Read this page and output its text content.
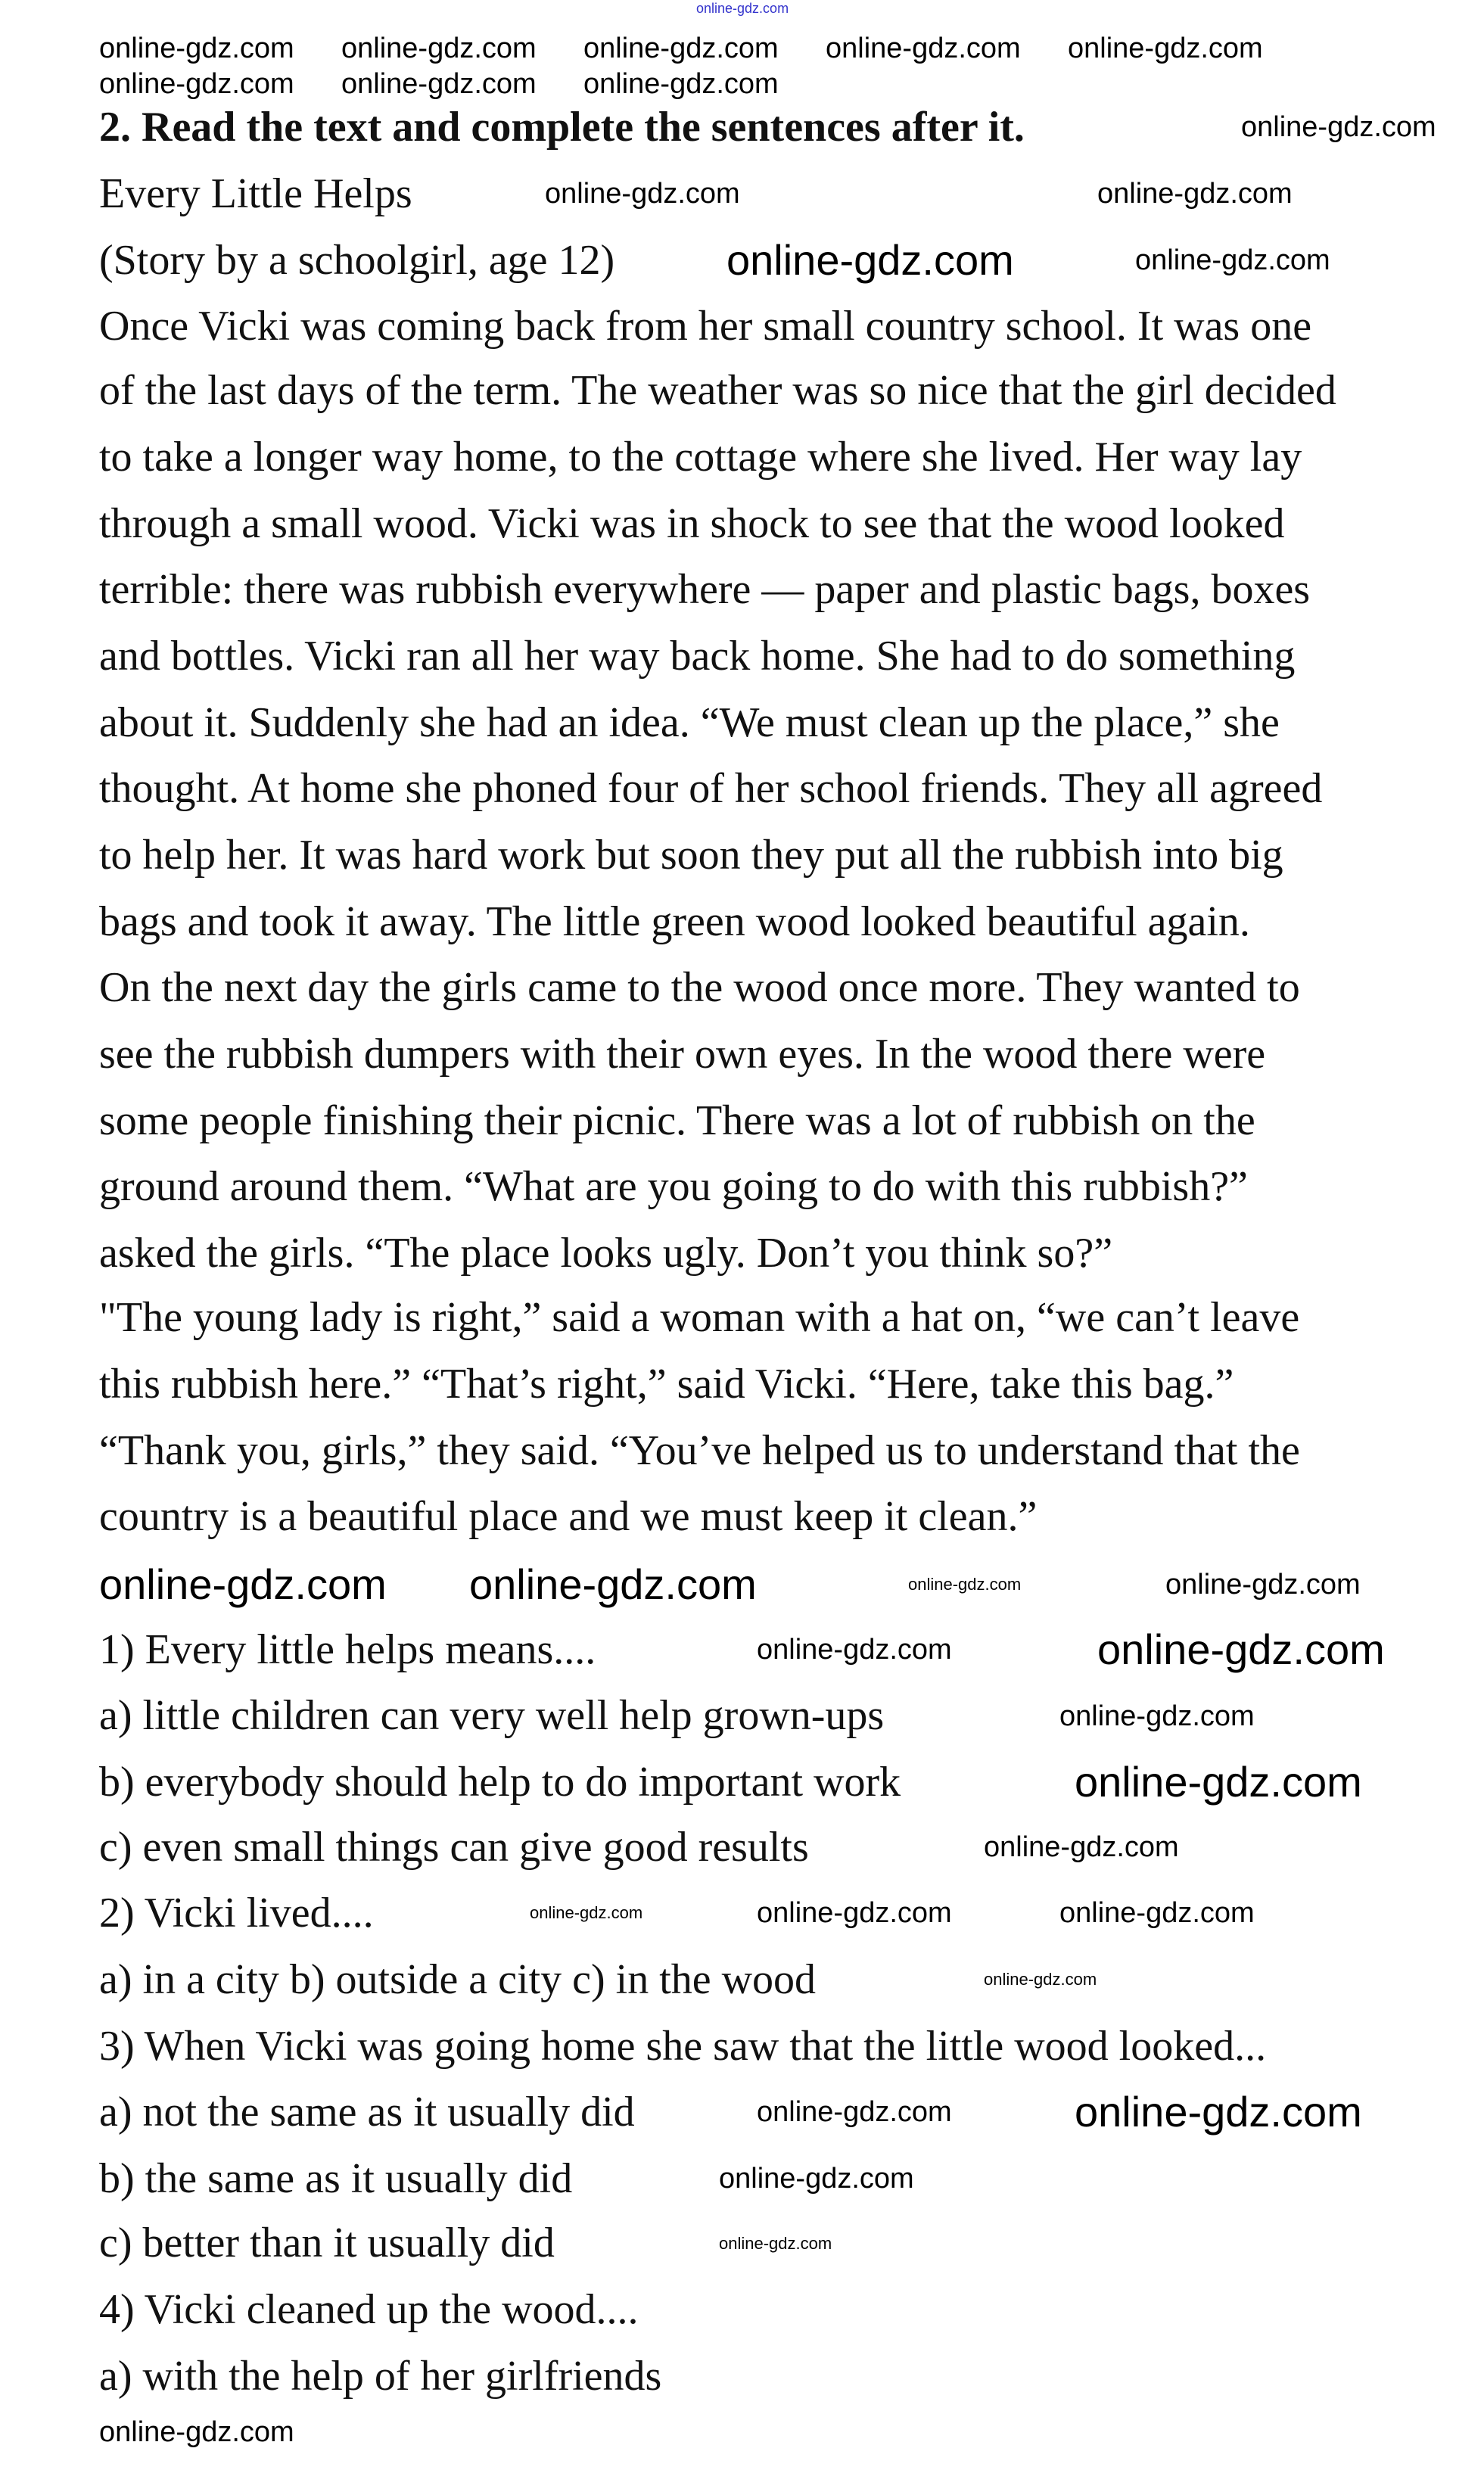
online-gdz.com
2. Read the text and complete the sentences after it.
Every Little Helps
(Story by a schoolgirl, age 12)
Once Vicki was coming back from her small country school. It was one
of the last days of the term. The weather was so nice that the girl decided
to take a longer way home, to the cottage where she lived. Her way lay
through a small wood. Vicki was in shock to see that the wood looked
terrible: there was rubbish everywhere — paper and plastic bags, boxes
and bottles. Vicki ran all her way back home. She had to do something
about it. Suddenly she had an idea. “We must clean up the place,” she
thought. At home she phoned four of her school friends. They all agreed
to help her. It was hard work but soon they put all the rubbish into big
bags and took it away. The little green wood looked beautiful again.
On the next day the girls came to the wood once more. They wanted to
see the rubbish dumpers with their own eyes. In the wood there were
some people finishing their picnic. There was a lot of rubbish on the
ground around them. “What are you going to do with this rubbish?”
asked the girls. “The place looks ugly. Don’t you think so?”
"The young lady is right,” said a woman with a hat on, “we can’t leave
this rubbish here.” “That’s right,” said Vicki. “Here, take this bag.”
“Thank you, girls,” they said. “You’ve helped us to understand that the
country is a beautiful place and we must keep it clean.”
1) Every little helps means....
a) little children can very well help grown-ups
b) everybody should help to do important work
c) even small things can give good results
2) Vicki lived....
a) in a city b) outside a city c) in the wood
3) When Vicki was going home she saw that the little wood looked...
a) not the same as it usually did
b) the same as it usually did
c) better than it usually did
4) Vicki cleaned up the wood....
a) with the help of her girlfriends
online-gdz.com online-gdz.com online-gdz.com online-gdz.com online-gdz.com
online-gdz.com online-gdz.com online-gdz.com
online-gdz.com
online-gdz.com	online-gdz.com
online-gdz.com	online-gdz.com
online-gdz.com online-gdz.com	online-gdz.com	online-gdz.com
online-gdz.com	online-gdz.com
online-gdz.com
online-gdz.com
online-gdz.com
online-gdz.com	online-gdz.com	online-gdz.com
online-gdz.com
online-gdz.com	online-gdz.com
online-gdz.com
online-gdz.com
online-gdz.com
